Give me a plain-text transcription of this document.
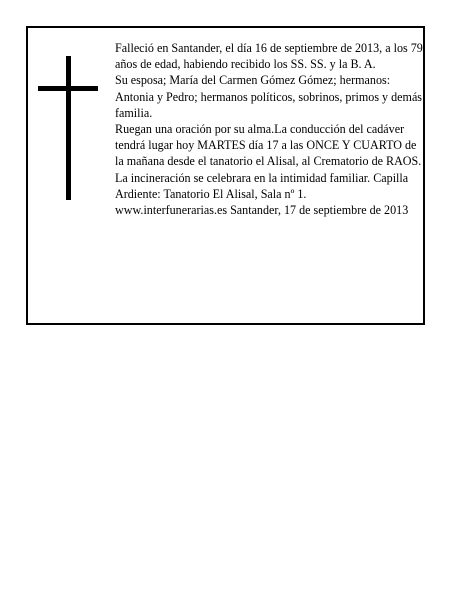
Falleció en Santander, el día 16 de septiembre de 2013, a los 79 años de edad, habiendo recibido los SS. SS. y la B. A.

Su esposa; María del Carmen Gómez Gómez; hermanos: Antonia y Pedro; hermanos políticos, sobrinos, primos y demás familia.

Ruegan una oración por su alma.La conducción del cadáver tendrá lugar hoy MARTES día 17 a las ONCE Y CUARTO de la mañana desde el tanatorio el Alisal, al Crematorio de RAOS. La incineración se celebrara en la intimidad familiar. Capilla Ardiente: Tanatorio El Alisal, Sala nº 1.

www.interfunerarias.es Santander, 17 de septiembre de 2013
